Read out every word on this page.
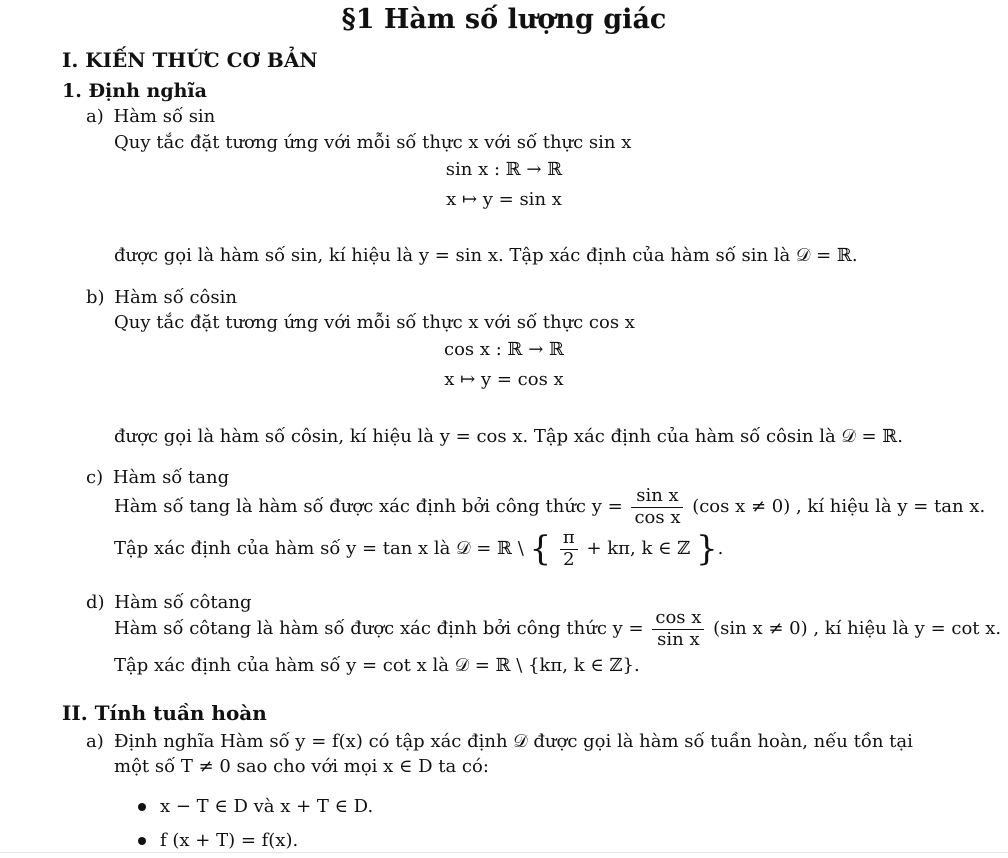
§1 Hàm số lượng giác
I. KIẾN THỨC CƠ BẢN
1. Định nghĩa
a) Hàm số sin
Quy tắc đặt tương ứng với mỗi số thực x với số thực sin x
sin x : ℝ → ℝ
x ↦ y = sin x
được gọi là hàm số sin, kí hiệu là y = sin x. Tập xác định của hàm số sin là 𝒟 = ℝ.
b) Hàm số côsin
Quy tắc đặt tương ứng với mỗi số thực x với số thực cos x
cos x : ℝ → ℝ
x ↦ y = cos x
được gọi là hàm số côsin, kí hiệu là y = cos x. Tập xác định của hàm số côsin là 𝒟 = ℝ.
c) Hàm số tang
Hàm số tang là hàm số được xác định bởi công thức $y = \frac{\text{sin x}}{\text{cos x}} (\cos$ x ≠ 0) , kí hiệu là y = tan x.
Tập xác định của hàm số y = tan x là 𝒟 = ℝ \ { $\frac{\pi}{2} + k\pi$, k ∈ ℤ }.
d) Hàm số côtang
Hàm số côtang là hàm số được xác định bởi công thức $y = \frac{\text{cos x}}{\text{sin x}} (\sin$ x ≠ 0) , kí hiệu là y = cot x.
Tập xác định của hàm số y = cot x là 𝒟 = ℝ \ {kπ, k ∈ ℤ}.
II. Tính tuần hoàn
a) Định nghĩa Hàm số y = f(x) có tập xác định 𝒟 được gọi là hàm số tuần hoàn, nếu tồn tại
một số T ≠ 0 sao cho với mọi x ∈ D ta có:
x − T ∈ D và x + T ∈ D.
f (x + T) = f(x).
